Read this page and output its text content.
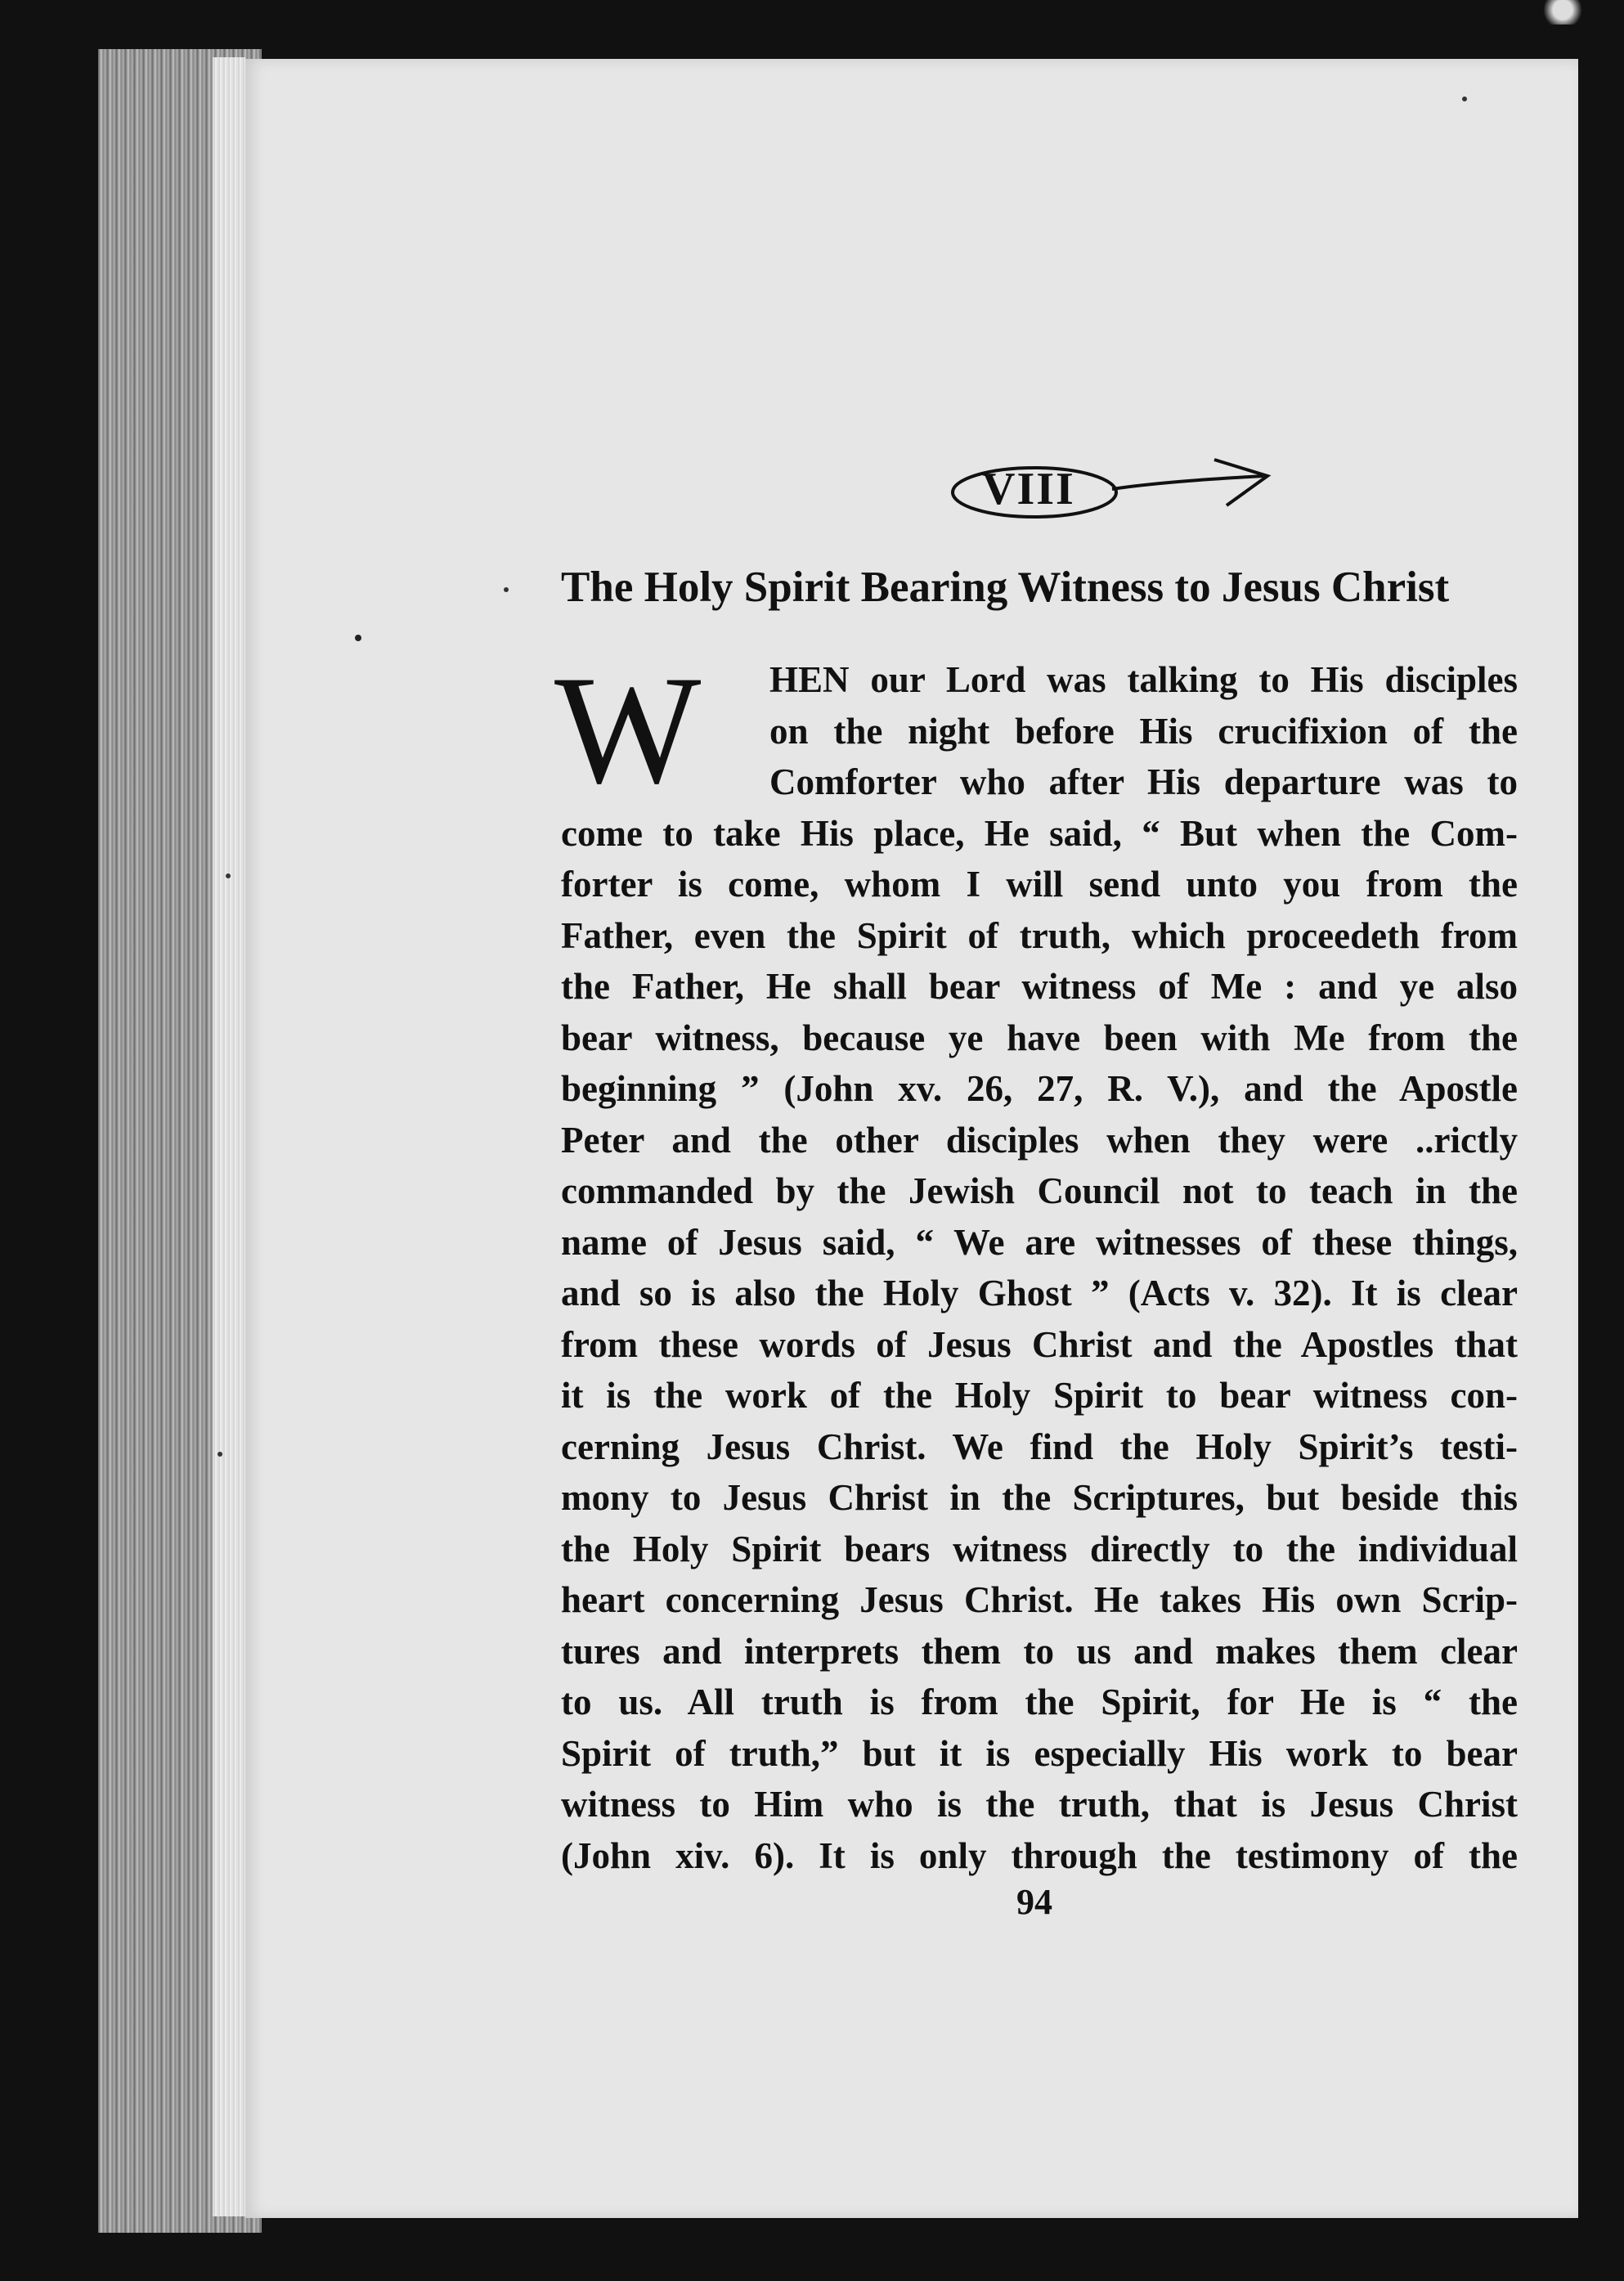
VIII
The Holy Spirit Bearing Witness to Jesus Christ
W HEN our Lord was talking to His disciples
on the night before His crucifixion of the
Comforter who after His departure was to
come to take His place, He said, “ But when the Com-
forter is come, whom I will send unto you from the
Father, even the Spirit of truth, which proceedeth from
the Father, He shall bear witness of Me : and ye also
bear witness, because ye have been with Me from the
beginning ” (John xv. 26, 27, R. V.), and the Apostle
Peter and the other disciples when they were ..rictly
commanded by the Jewish Council not to teach in the
name of Jesus said, “ We are witnesses of these things,
and so is also the Holy Ghost ” (Acts v. 32). It is clear
from these words of Jesus Christ and the Apostles that
it is the work of the Holy Spirit to bear witness con-
cerning Jesus Christ. We find the Holy Spirit’s testi-
mony to Jesus Christ in the Scriptures, but beside this
the Holy Spirit bears witness directly to the individual
heart concerning Jesus Christ. He takes His own Scrip-
tures and interprets them to us and makes them clear
to us. All truth is from the Spirit, for He is “ the
Spirit of truth,” but it is especially His work to bear
witness to Him who is the truth, that is Jesus Christ
(John xiv. 6). It is only through the testimony of the
94
